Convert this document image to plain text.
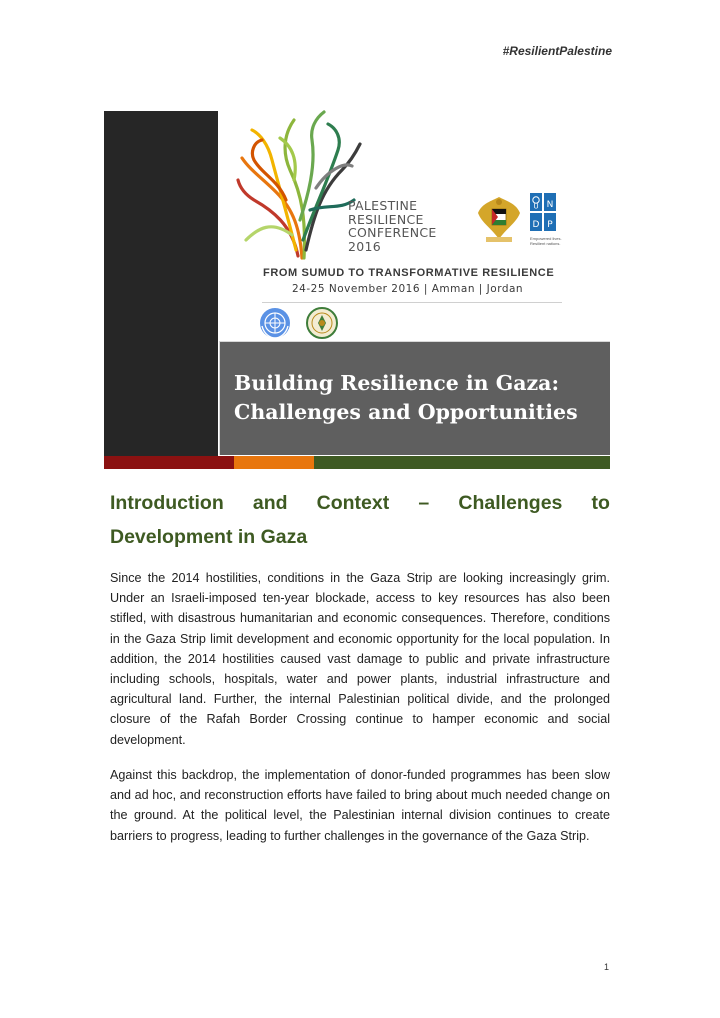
#ResilientPalestine
PALESTINE
RESILIENCE
CONFERENCE
2016
U N
D P
Empowered lives.
Resilient nations.
FROM SUMUD TO TRANSFORMATIVE RESILIENCE
24-25 November 2016 | Amman | Jordan
Building Resilience in Gaza:
Challenges and Opportunities
Introduction and Context – Challenges to
Development in Gaza
Since the 2014 hostilities, conditions in the Gaza Strip are looking increasingly grim. Under an Israeli-imposed ten-year blockade, access to key resources has also been stifled, with disastrous humanitarian and economic consequences. Therefore, conditions in the Gaza Strip limit development and economic opportunity for the local population. In addition, the 2014 hostilities caused vast damage to public and private infrastructure including schools, hospitals, water and power plants, industrial infrastructure and agricultural land. Further, the internal Palestinian political divide, and the prolonged closure of the Rafah Border Crossing continue to hamper economic and social development.
Against this backdrop, the implementation of donor-funded programmes has been slow and ad hoc, and reconstruction efforts have failed to bring about much needed change on the ground. At the political level, the Palestinian internal division continues to create barriers to progress, leading to further challenges in the governance of the Gaza Strip.
1
